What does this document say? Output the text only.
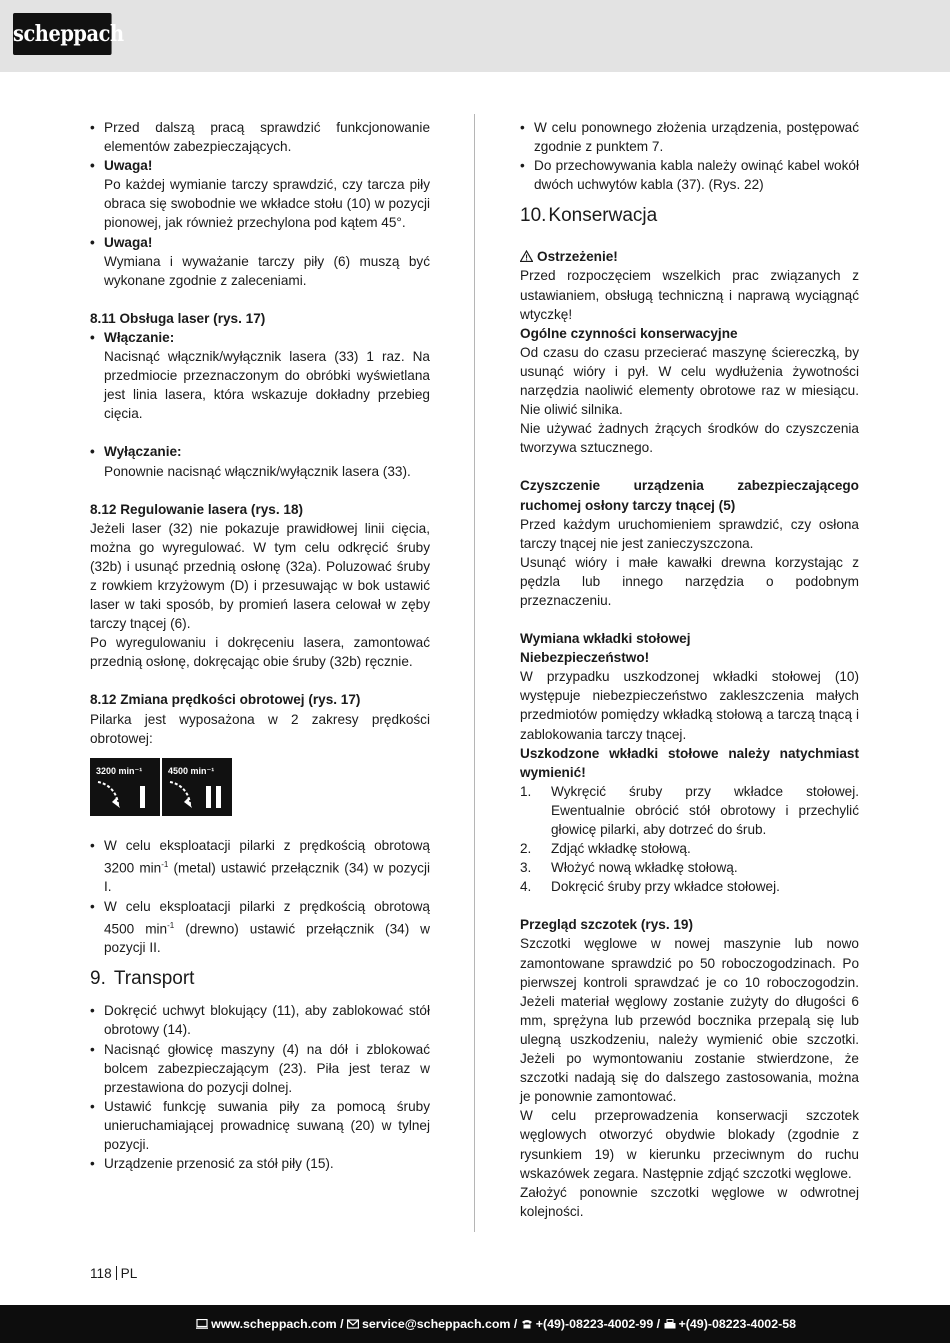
scheppach

• Przed dalszą pracą sprawdzić funkcjonowanie elementów zabezpieczających.

• Uwaga!

Po każdej wymianie tarczy sprawdzić, czy tarcza piły obraca się swobodnie we wkładce stołu (10) w pozycji pionowej, jak również przechylona pod kątem 45°.

• Uwaga!

Wymiana i wyważanie tarczy piły (6) muszą być wykonane zgodnie z zaleceniami.

8.11 Obsługa laser (rys. 17)

• Włączanie:

Nacisnąć włącznik/wyłącznik lasera (33) 1 raz. Na przedmiocie przeznaczonym do obróbki wyświetlana jest linia lasera, która wskazuje dokładny przebieg cięcia.

• Wyłączanie:

Ponownie nacisnąć włącznik/wyłącznik lasera (33).

8.12 Regulowanie lasera (rys. 18)

Jeżeli laser (32) nie pokazuje prawidłowej linii cięcia, można go wyregulować. W tym celu odkręcić śruby (32b) i usunąć przednią osłonę (32a). Poluzować śruby z rowkiem krzyżowym (D) i przesuwając w bok ustawić laser w taki sposób, by promień lasera celował w zęby tarczy tnącej (6).

Po wyregulowaniu i dokręceniu lasera, zamontować przednią osłonę, dokręcając obie śruby (32b) ręcznie.

8.12 Zmiana prędkości obrotowej (rys. 17)

Pilarka jest wyposażona w 2 zakresy prędkości obrotowej:

3200 min⁻¹	4500 min⁻¹

• W celu eksploatacji pilarki z prędkością obrotową 3200 $\min^{-1}$ (metal) ustawić przełącznik (34) w pozycji I.

• W celu eksploatacji pilarki z prędkością obrotową 4500 $\min^{-1}$ (drewno) ustawić przełącznik (34) w pozycji II.

9. Transport

• Dokręcić uchwyt blokujący (11), aby zablokować stół obrotowy (14).

• Nacisnąć głowicę maszyny (4) na dół i zblokować bolcem zabezpieczającym (23). Piła jest teraz w przestawiona do pozycji dolnej.

• Ustawić funkcję suwania piły za pomocą śruby unieruchamiającej prowadnicę suwaną (20) w tylnej pozycji.

• Urządzenie przenosić za stół piły (15).

• W celu ponownego złożenia urządzenia, postępować zgodnie z punktem 7.

• Do przechowywania kabla należy owinąć kabel wokół dwóch uchwytów kabla (37). (Rys. 22)

10. Konserwacja

Ostrzeżenie!

Przed rozpoczęciem wszelkich prac związanych z ustawianiem, obsługą techniczną i naprawą wyciągnąć wtyczkę!

Ogólne czynności konserwacyjne

Od czasu do czasu przecierać maszynę ściereczką, by usunąć wióry i pył. W celu wydłużenia żywotności narzędzia naoliwić elementy obrotowe raz w miesiącu. Nie oliwić silnika.

Nie używać żadnych żrących środków do czyszczenia tworzywa sztucznego.

Czyszczenie urządzenia zabezpieczającego ruchomej osłony tarczy tnącej (5)

Przed każdym uruchomieniem sprawdzić, czy osłona tarczy tnącej nie jest zanieczyszczona.

Usunąć wióry i małe kawałki drewna korzystając z pędzla lub innego narzędzia o podobnym przeznaczeniu.

Wymiana wkładki stołowej

Niebezpieczeństwo!

W przypadku uszkodzonej wkładki stołowej (10) występuje niebezpieczeństwo zakleszczenia małych przedmiotów pomiędzy wkładką stołową a tarczą tnącą i zablokowania tarczy tnącej.

Uszkodzone wkładki stołowe należy natychmiast wymienić!

1. Wykręcić śruby przy wkładce stołowej. Ewentualnie obrócić stół obrotowy i przechylić głowicę pilarki, aby dotrzeć do śrub.
2. Zdjąć wkładkę stołową.
3. Włożyć nową wkładkę stołową.
4. Dokręcić śruby przy wkładce stołowej.

Przegląd szczotek (rys. 19)

Szczotki węglowe w nowej maszynie lub nowo zamontowane sprawdzić po 50 roboczogodzinach. Po pierwszej kontroli sprawdzać je co 10 roboczogodzin. Jeżeli materiał węglowy zostanie zużyty do długości 6 mm, sprężyna lub przewód bocznika przepalą się lub ulegną uszkodzeniu, należy wymienić obie szczotki. Jeżeli po wymontowaniu zostanie stwierdzone, że szczotki nadają się do dalszego zastosowania, można je ponownie zamontować.

W celu przeprowadzenia konserwacji szczotek węglowych otworzyć obydwie blokady (zgodnie z rysunkiem 19) w kierunku przeciwnym do ruchu wskazówek zegara. Następnie zdjąć szczotki węglowe.

Założyć ponownie szczotki węglowe w odwrotnej kolejności.

118 PL
www.scheppach.com / service@scheppach.com / +(49)-08223-4002-99 / +(49)-08223-4002-58
